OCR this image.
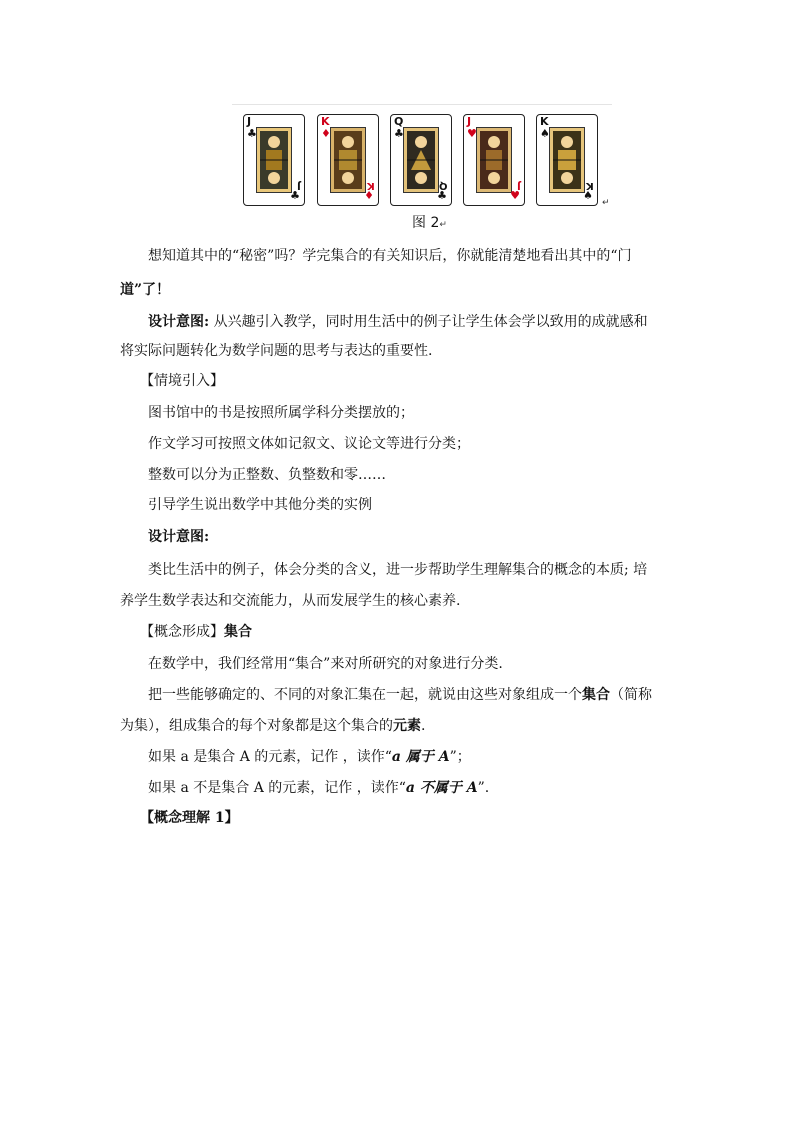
J
♣
J
♣
K
♦
K
♦
Q
♣
Q
♣
J
♥
J
♥
K
♠
K
♠
↵
图 2↵

想知道其中的“秘密”吗？学完集合的有关知识后，你就能清楚地看出其中的“门

道”了！

设计意图: 从兴趣引入教学，同时用生活中的例子让学生体会学以致用的成就感和

将实际问题转化为数学问题的思考与表达的重要性.

【情境引入】

图书馆中的书是按照所属学科分类摆放的；

作文学习可按照文体如记叙文、议论文等进行分类；

整数可以分为正整数、负整数和零……

引导学生说出数学中其他分类的实例

设计意图:

类比生活中的例子，体会分类的含义，进一步帮助学生理解集合的概念的本质; 培

养学生数学表达和交流能力，从而发展学生的核心素养.

【概念形成】集合

在数学中，我们经常用“集合”来对所研究的对象进行分类.

把一些能够确定的、不同的对象汇集在一起，就说由这些对象组成一个集合（简称

为集），组成集合的每个对象都是这个集合的元素.

如果 a 是集合 A 的元素，记作 ，读作“a 属于 A”；

如果 a 不是集合 A 的元素，记作 ，读作“a 不属于 A”.

【概念理解 1】
